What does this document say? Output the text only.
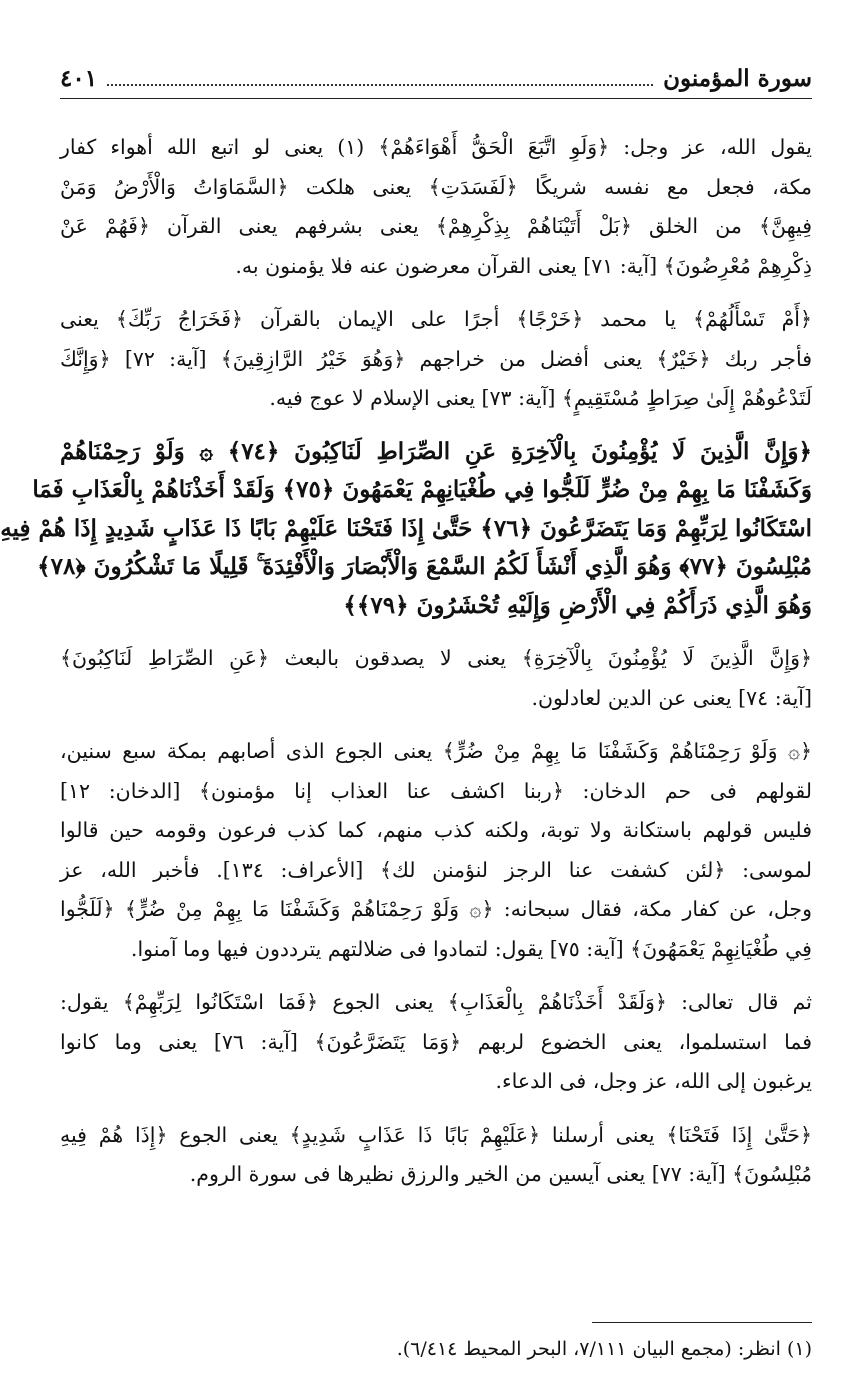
سورة المؤمنون
٤٠١
يقول الله، عز وجل: ﴿وَلَوِ اتَّبَعَ الْحَقُّ أَهْوَاءَهُمْ﴾ (١) يعنى لو اتبع الله أهواء كفار
مكة، فجعل مع نفسه شريكًا ﴿لَفَسَدَتِ﴾ يعنى هلكت ﴿السَّمَاوَاتُ وَالْأَرْضُ وَمَنْ
فِيهِنَّ﴾ من الخلق ﴿بَلْ أَتَيْنَاهُمْ بِذِكْرِهِمْ﴾ يعنى بشرفهم يعنى القرآن ﴿فَهُمْ عَنْ
ذِكْرِهِمْ مُعْرِضُونَ﴾ [آية: ٧١] يعنى القرآن معرضون عنه فلا يؤمنون به.
﴿أَمْ تَسْأَلُهُمْ﴾ يا محمد ﴿خَرْجًا﴾ أجرًا على الإيمان بالقرآن ﴿فَخَرَاجُ رَبِّكَ﴾ يعنى
فأجر ربك ﴿خَيْرٌ﴾ يعنى أفضل من خراجهم ﴿وَهُوَ خَيْرُ الرَّازِقِينَ﴾ [آية: ٧٢] ﴿وَإِنَّكَ
لَتَدْعُوهُمْ إِلَىٰ صِرَاطٍ مُسْتَقِيمٍ﴾ [آية: ٧٣] يعنى الإسلام لا عوج فيه.
﴿وَإِنَّ الَّذِينَ لَا يُؤْمِنُونَ بِالْآخِرَةِ عَنِ الصِّرَاطِ لَنَاكِبُونَ ﴿٧٤﴾ ۞ وَلَوْ رَحِمْنَاهُمْ
وَكَشَفْنَا مَا بِهِمْ مِنْ ضُرٍّ لَلَجُّوا فِي طُغْيَانِهِمْ يَعْمَهُونَ ﴿٧٥﴾ وَلَقَدْ أَخَذْنَاهُمْ بِالْعَذَابِ فَمَا
اسْتَكَانُوا لِرَبِّهِمْ وَمَا يَتَضَرَّعُونَ ﴿٧٦﴾ حَتَّىٰ إِذَا فَتَحْنَا عَلَيْهِمْ بَابًا ذَا عَذَابٍ شَدِيدٍ إِذَا هُمْ فِيهِ
مُبْلِسُونَ ﴿٧٧﴾ وَهُوَ الَّذِي أَنْشَأَ لَكُمُ السَّمْعَ وَالْأَبْصَارَ وَالْأَفْئِدَةَ ۚ قَلِيلًا مَا تَشْكُرُونَ ﴿٧٨﴾
وَهُوَ الَّذِي ذَرَأَكُمْ فِي الْأَرْضِ وَإِلَيْهِ تُحْشَرُونَ ﴿٧٩﴾﴾
﴿وَإِنَّ الَّذِينَ لَا يُؤْمِنُونَ بِالْآخِرَةِ﴾ يعنى لا يصدقون بالبعث ﴿عَنِ الصِّرَاطِ لَنَاكِبُونَ﴾
[آية: ٧٤] يعنى عن الدين لعادلون.
﴿۞ وَلَوْ رَحِمْنَاهُمْ وَكَشَفْنَا مَا بِهِمْ مِنْ ضُرٍّ﴾ يعنى الجوع الذى أصابهم بمكة سبع سنين،
لقولهم فى حم الدخان: ﴿ربنا اكشف عنا العذاب إنا مؤمنون﴾ [الدخان: ١٢]
فليس قولهم باستكانة ولا توبة، ولكنه كذب منهم، كما كذب فرعون وقومه حين قالوا
لموسى: ﴿لئن كشفت عنا الرجز لنؤمنن لك﴾ [الأعراف: ١٣٤]. فأخبر الله، عز
وجل، عن كفار مكة، فقال سبحانه: ﴿۞ وَلَوْ رَحِمْنَاهُمْ وَكَشَفْنَا مَا بِهِمْ مِنْ ضُرٍّ﴾ ﴿لَلَجُّوا
فِي طُغْيَانِهِمْ يَعْمَهُونَ﴾ [آية: ٧٥] يقول: لتمادوا فى ضلالتهم يترددون فيها وما آمنوا.
ثم قال تعالى: ﴿وَلَقَدْ أَخَذْنَاهُمْ بِالْعَذَابِ﴾ يعنى الجوع ﴿فَمَا اسْتَكَانُوا لِرَبِّهِمْ﴾ يقول:
فما استسلموا، يعنى الخضوع لربهم ﴿وَمَا يَتَضَرَّعُونَ﴾ [آية: ٧٦] يعنى وما كانوا
يرغبون إلى الله، عز وجل، فى الدعاء.
﴿حَتَّىٰ إِذَا فَتَحْنَا﴾ يعنى أرسلنا ﴿عَلَيْهِمْ بَابًا ذَا عَذَابٍ شَدِيدٍ﴾ يعنى الجوع ﴿إِذَا هُمْ فِيهِ
مُبْلِسُونَ﴾ [آية: ٧٧] يعنى آيسين من الخير والرزق نظيرها فى سورة الروم.
(١) انظر: (مجمع البيان ٧/١١١، البحر المحيط ٦/٤١٤).
